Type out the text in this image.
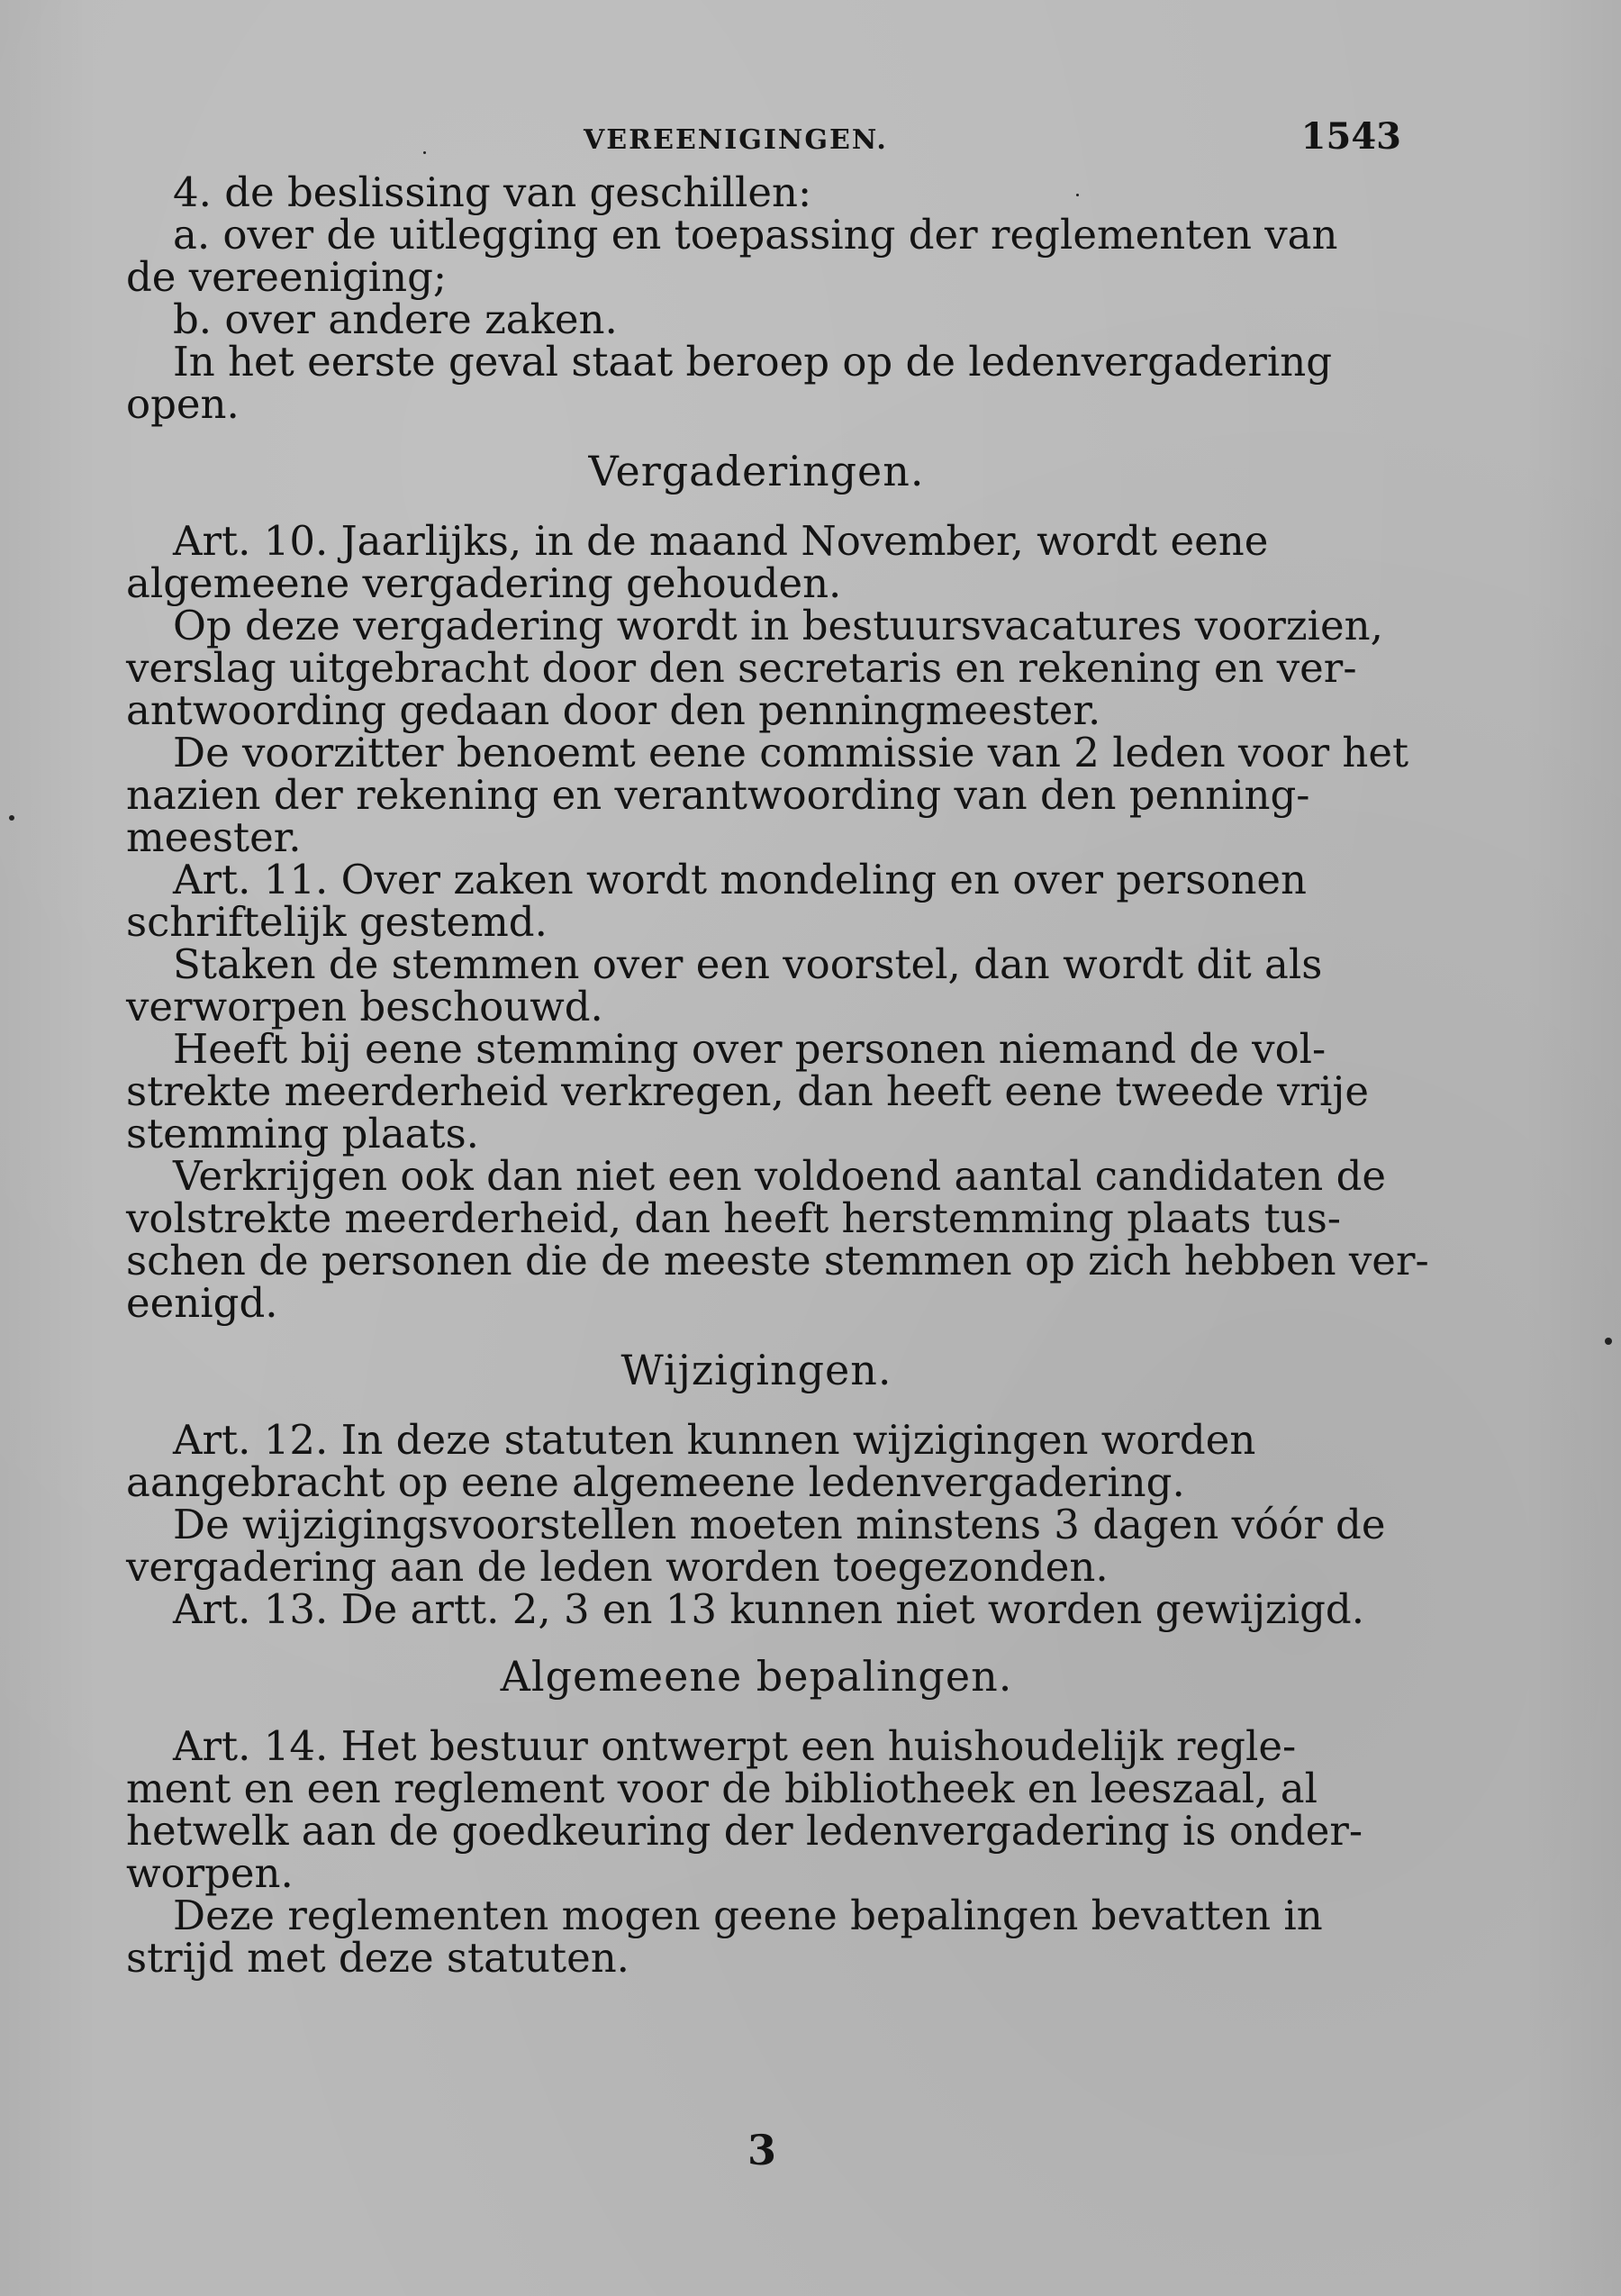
VEREENIGINGEN.	1543
4. de beslissing van geschillen:
a. over de uitlegging en toepassing der reglementen van
de vereeniging;
b. over andere zaken.
In het eerste geval staat beroep op de ledenvergadering
open.
Vergaderingen.
Art. 10. Jaarlijks, in de maand November, wordt eene
algemeene vergadering gehouden.
Op deze vergadering wordt in bestuursvacatures voorzien,
verslag uitgebracht door den secretaris en rekening en ver-
antwoording gedaan door den penningmeester.
De voorzitter benoemt eene commissie van 2 leden voor het
nazien der rekening en verantwoording van den penning-
meester.
Art. 11. Over zaken wordt mondeling en over personen
schriftelijk gestemd.
Staken de stemmen over een voorstel, dan wordt dit als
verworpen beschouwd.
Heeft bij eene stemming over personen niemand de vol-
strekte meerderheid verkregen, dan heeft eene tweede vrije
stemming plaats.
Verkrijgen ook dan niet een voldoend aantal candidaten de
volstrekte meerderheid, dan heeft herstemming plaats tus-
schen de personen die de meeste stemmen op zich hebben ver-
eenigd.
Wijzigingen.
Art. 12. In deze statuten kunnen wijzigingen worden
aangebracht op eene algemeene ledenvergadering.
De wijzigingsvoorstellen moeten minstens 3 dagen vóór de
vergadering aan de leden worden toegezonden.
Art. 13. De artt. 2, 3 en 13 kunnen niet worden gewijzigd.
Algemeene bepalingen.
Art. 14. Het bestuur ontwerpt een huishoudelijk regle-
ment en een reglement voor de bibliotheek en leeszaal, al
hetwelk aan de goedkeuring der ledenvergadering is onder-
worpen.
Deze reglementen mogen geene bepalingen bevatten in
strijd met deze statuten.
3
